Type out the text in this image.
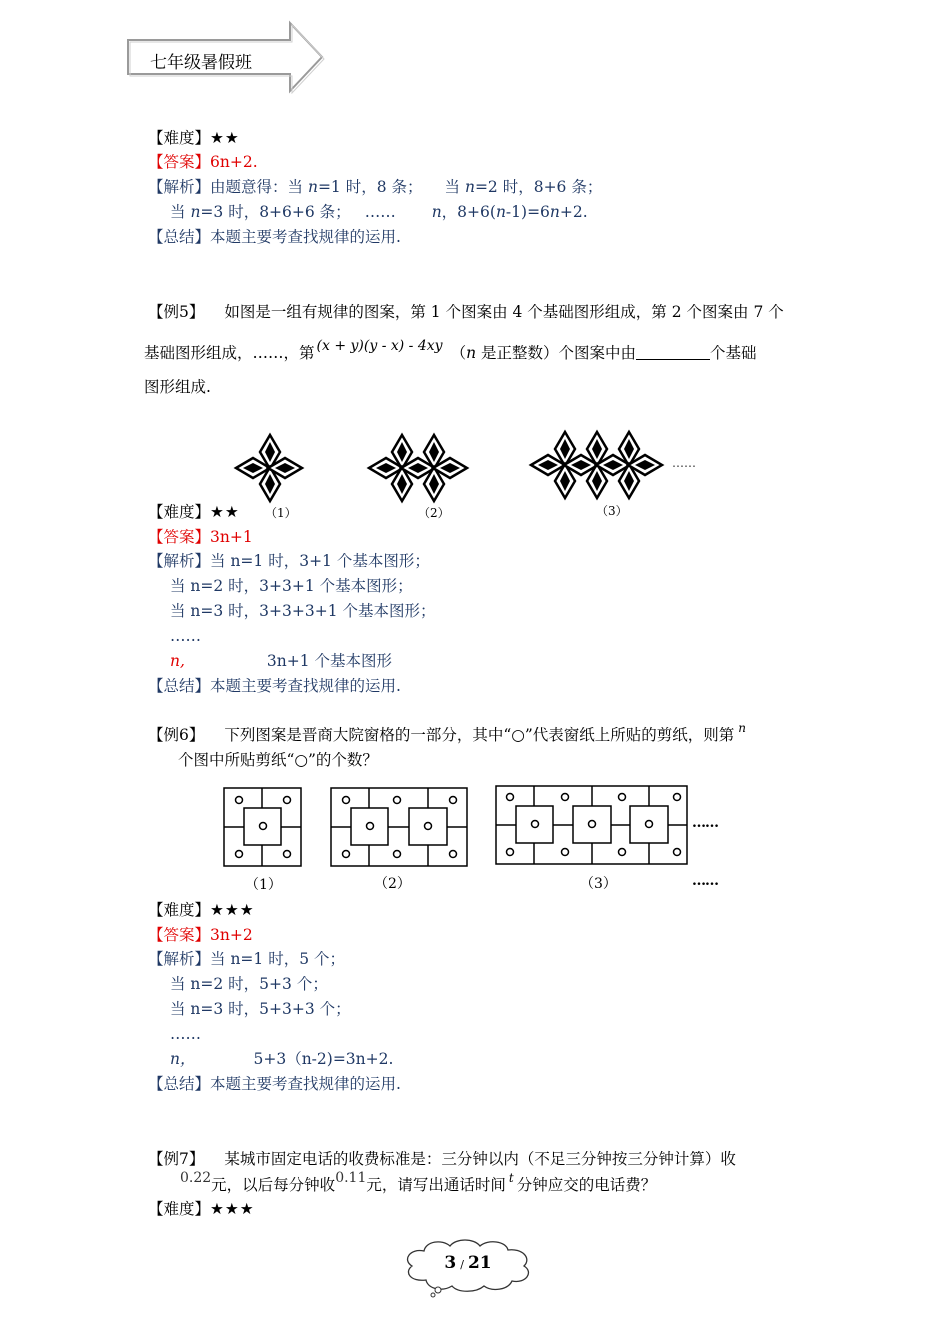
七年级暑假班
【难度】★★
【答案】6n+2.
【解析】由题意得：当 n=1 时，8 条； 当 n=2 时，8+6 条；
当 n=3 时，8+6+6 条； …… n，8+6(n-1)=6n+2.
【总结】本题主要考查找规律的运用.
【例5】 如图是一组有规律的图案，第 1 个图案由 4 个基础图形组成，第 2 个图案由 7 个
基础图形组成，……，第 (x + y)(y - x) - 4xy （n 是正整数）个图案中由	个基础
图形组成.
……
（1）	（2）	（3）
【难度】★★
【答案】3n+1
【解析】当 n=1 时，3+1 个基本图形；
当 n=2 时，3+3+1 个基本图形；
当 n=3 时，3+3+3+1 个基本图形；
……
n,	3n+1 个基本图形
【总结】本题主要考查找规律的运用.
【例6】 下列图案是晋商大院窗格的一部分，其中“○”代表窗纸上所贴的剪纸，则第 $^n$
个图中所贴剪纸“○”的个数？
……
……
（1）	（2）	（3）
【难度】★★★
【答案】3n+2
【解析】当 n=1 时，5 个；
当 n=2 时，5+3 个；
当 n=3 时，5+3+3 个；
……
n，	5+3（n-2)=3n+2.
【总结】本题主要考查找规律的运用.
【例7】 某城市固定电话的收费标准是：三分钟以内（不足三分钟按三分钟计算）收
0.22元，以后每分钟收0.11元，请写出通话时间 $^t$ 分钟应交的电话费？
【难度】★★★
3 / 21
